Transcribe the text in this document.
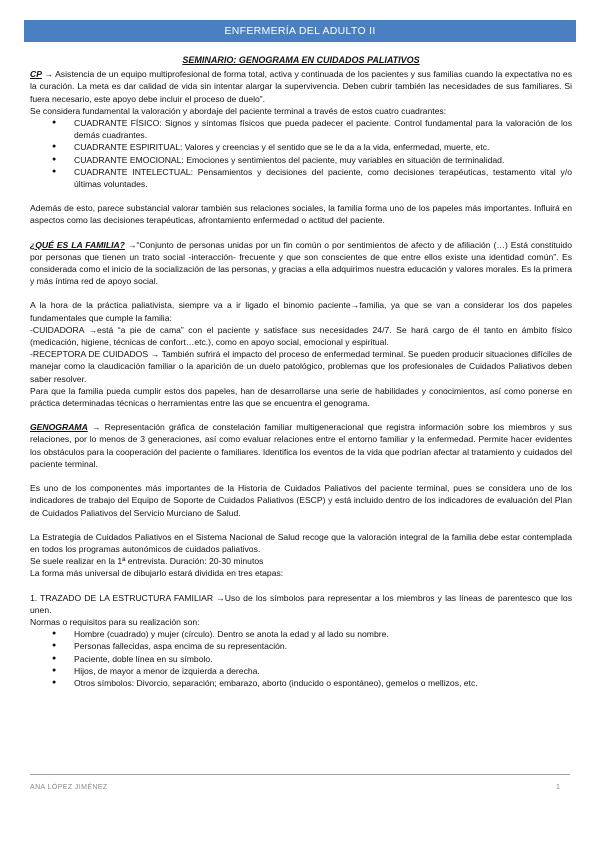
ENFERMERÍA DEL ADULTO II
SEMINARIO: GENOGRAMA EN CUIDADOS PALIATIVOS

CP → Asistencia de un equipo multiprofesional de forma total, activa y continuada de los pacientes y sus familias cuando la expectativa no es la curación. La meta es dar calidad de vida sin intentar alargar la supervivencia. Deben cubrir también las necesidades de sus familiares. Si fuera necesario, este apoyo debe incluir el proceso de duelo”.

Se considera fundamental la valoración y abordaje del paciente terminal a través de estos cuatro cuadrantes:

● CUADRANTE FÍSICO: Signos y síntomas físicos que pueda padecer el paciente. Control fundamental para la valoración de los demás cuadrantes.
● CUADRANTE ESPIRITUAL: Valores y creencias y el sentido que se le da a la vida, enfermedad, muerte, etc.
● CUADRANTE EMOCIONAL: Emociones y sentimientos del paciente, muy variables en situación de terminalidad.
● CUADRANTE INTELECTUAL: Pensamientos y decisiones del paciente, como decisiones terapéuticas, testamento vital y/o últimas voluntades.

Además de esto, parece substancial valorar también sus relaciones sociales, la familia forma uno de los papeles más importantes. Influirá en aspectos como las decisiones terapéuticas, afrontamiento enfermedad o actitud del paciente.

¿QUÉ ES LA FAMILIA? →“Conjunto de personas unidas por un fin común o por sentimientos de afecto y de afiliación (…) Está constituido por personas que tienen un trato social -interacción- frecuente y que son conscientes de que entre ellos existe una identidad común”. Es considerada como el inicio de la socialización de las personas, y gracias a ella adquirimos nuestra educación y valores morales. Es la primera y más íntima red de apoyo social.

A la hora de la práctica paliativista, siempre va a ir ligado el binomio paciente→familia, ya que se van a considerar los dos papeles fundamentales que cumple la familia:

-CUIDADORA →está “a pie de cama” con el paciente y satisface sus necesidades 24/7. Se hará cargo de él tanto en ámbito físico (medicación, higiene, técnicas de confort…etc.), como en apoyo social, emocional y espiritual.

-RECEPTORA DE CUIDADOS → También sufrirá el impacto del proceso de enfermedad terminal. Se pueden producir situaciones difíciles de manejar como la claudicación familiar o la aparición de un duelo patológico, problemas que los profesionales de Cuidados Paliativos deben saber resolver.

Para que la familia pueda cumplir estos dos papeles, han de desarrollarse una serie de habilidades y conocimientos, así como ponerse en práctica determinadas técnicas o herramientas entre las que se encuentra el genograma.

GENOGRAMA → Representación gráfica de constelación familiar multigeneracional que registra información sobre los miembros y sus relaciones, por lo menos de 3 generaciones, así como evaluar relaciones entre el entorno familiar y la enfermedad. Permite hacer evidentes los obstáculos para la cooperación del paciente o familiares. Identifica los eventos de la vida que podrían afectar al tratamiento y cuidados del paciente terminal.

Es uno de los componentes más importantes de la Historia de Cuidados Paliativos del paciente terminal, pues se considera uno de los indicadores de trabajo del Equipo de Soporte de Cuidados Paliativos (ESCP) y está incluido dentro de los indicadores de evaluación del Plan de Cuidados Paliativos del Servicio Murciano de Salud.

La Estrategia de Cuidados Paliativos en el Sistema Nacional de Salud recoge que la valoración integral de la familia debe estar contemplada en todos los programas autonómicos de cuidados paliativos.

Se suele realizar en la 1ª entrevista. Duración: 20-30 minutos

La forma más universal de dibujarlo estará dividida en tres etapas:

1. TRAZADO DE LA ESTRUCTURA FAMILIAR →Uso de los símbolos para representar a los miembros y las líneas de parentesco que los unen.

Normas o requisitos para su realización son:

● Hombre (cuadrado) y mujer (círculo). Dentro se anota la edad y al lado su nombre.
● Personas fallecidas, aspa encima de su representación.
● Paciente, doble línea en su símbolo.
● Hijos, de mayor a menor de izquierda a derecha.
● Otros símbolos: Divorcio, separación; embarazo, aborto (inducido o espontáneo), gemelos o mellizos, etc.
ANA LÓPEZ JIMÉNEZ	1
